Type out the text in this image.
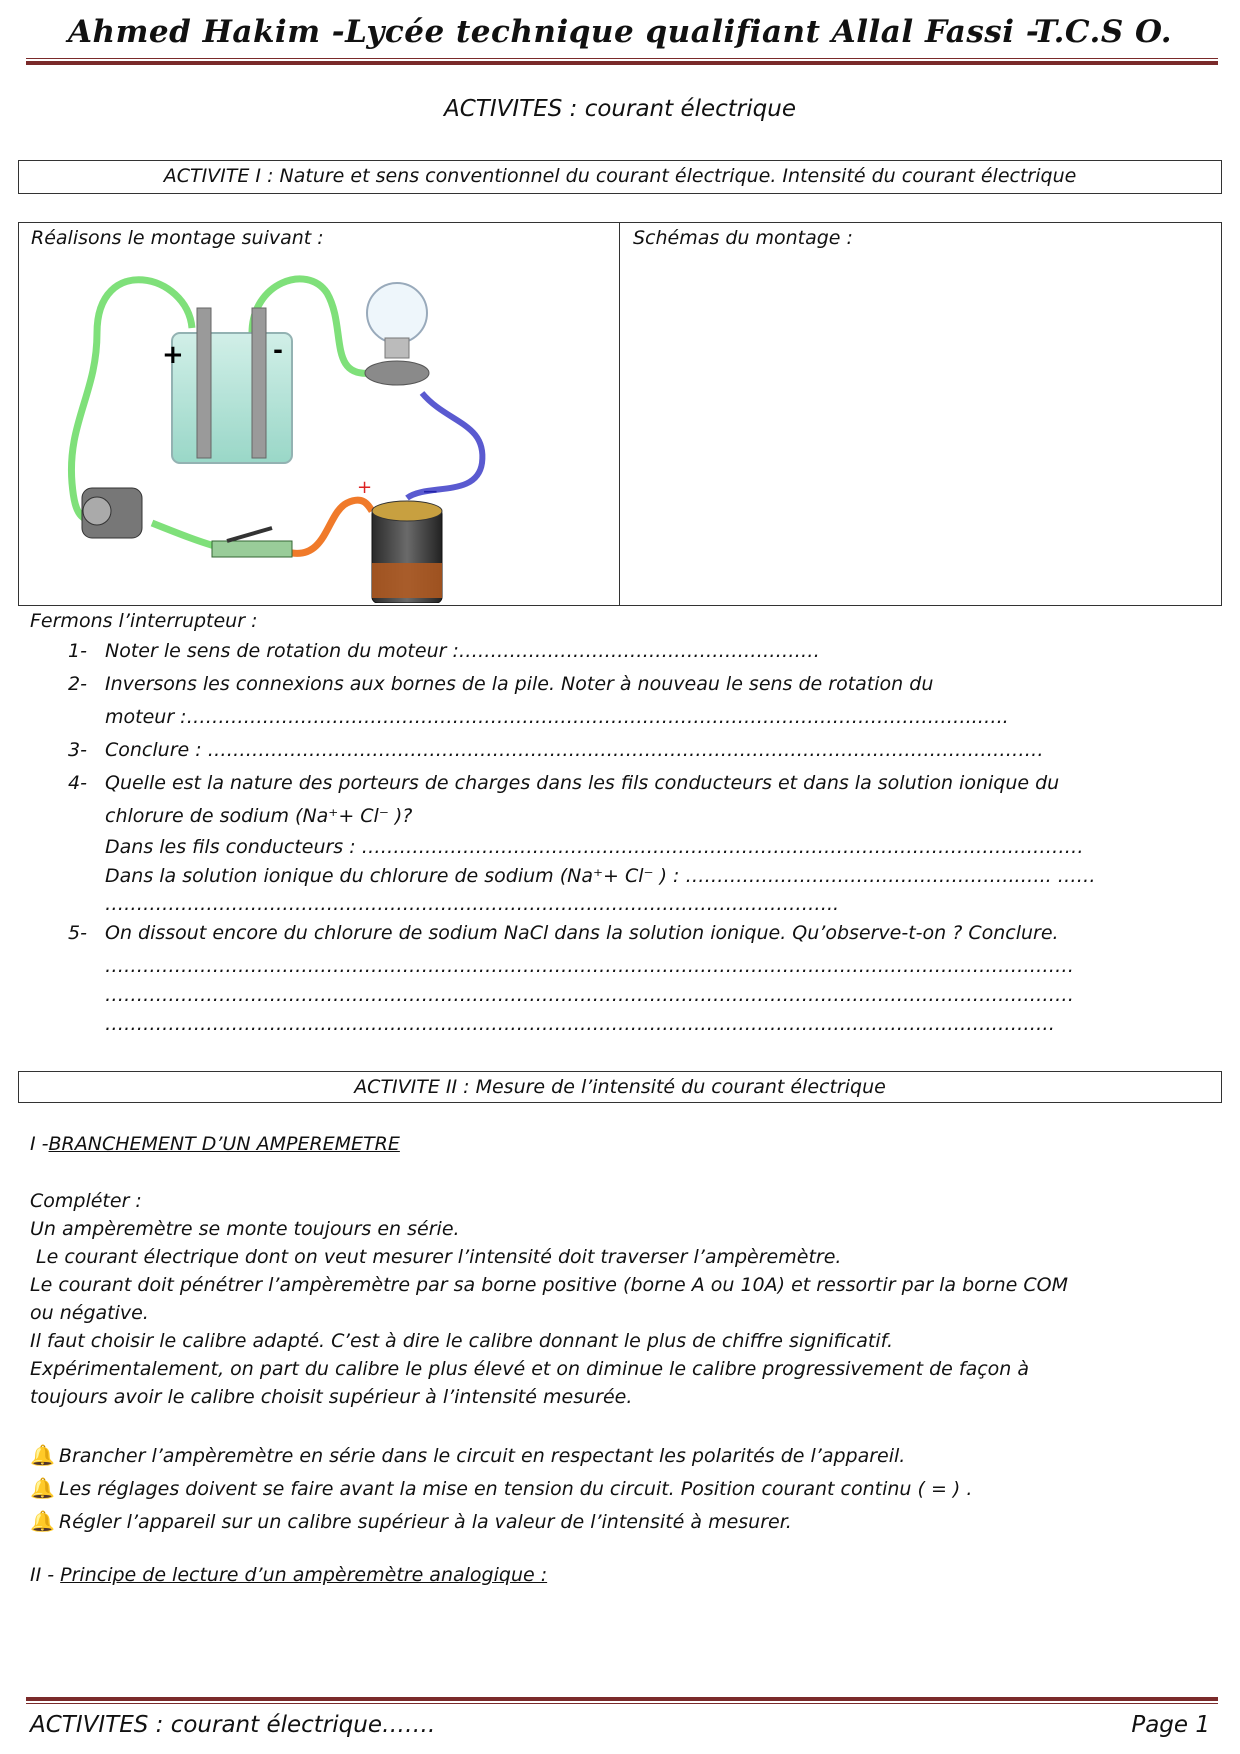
Ahmed Hakim -Lycée technique qualifiant Allal Fassi -T.C.S O.
ACTIVITES : courant électrique
ACTIVITE I : Nature et sens conventionnel du courant électrique. Intensité du courant électrique
Réalisons le montage suivant :	Schémas du montage :
+	-
+ −
Fermons l’interrupteur :
1- Noter le sens de rotation du moteur :…………………………………………………
2- Inversons les connexions aux bornes de la pile. Noter à nouveau le sens de rotation du
moteur :……………………………………………………………………………………………………………..…..
3- Conclure : ……………………………………………………………………………………………………………………
4- Quelle est la nature des porteurs de charges dans les fils conducteurs et dans la solution ionique du
chlorure de sodium (Na⁺+ Cl⁻ )?
Dans les fils conducteurs : ……………………………………………………………………………………………………
Dans la solution ionique du chlorure de sodium (Na⁺+ Cl⁻ ) : ……………………………………………..….. ……
……………………………………………………………………………………………………..
5- On dissout encore du chlorure de sodium NaCl dans la solution ionique. Qu’observe-t-on ? Conclure.
………………………………………………………………………………………………………………………………………
………………………………………………………………………………………………………………………………………
……………………………………………………………………………………………………………………………………
ACTIVITE II : Mesure de l’intensité du courant électrique
I -BRANCHEMENT D’UN AMPEREMETRE
Compléter :
Un ampèremètre se monte toujours en série.
Le courant électrique dont on veut mesurer l’intensité doit traverser l’ampèremètre.
Le courant doit pénétrer l’ampèremètre par sa borne positive (borne A ou 10A) et ressortir par la borne COM
ou négative.
Il faut choisir le calibre adapté. C’est à dire le calibre donnant le plus de chiffre significatif.
Expérimentalement, on part du calibre le plus élevé et on diminue le calibre progressivement de façon à
toujours avoir le calibre choisit supérieur à l’intensité mesurée.
🔔 Brancher l’ampèremètre en série dans le circuit en respectant les polarités de l’appareil.
🔔 Les réglages doivent se faire avant la mise en tension du circuit. Position courant continu ( = ) .
🔔 Régler l’appareil sur un calibre supérieur à la valeur de l’intensité à mesurer.
II - Principe de lecture d’un ampèremètre analogique :
ACTIVITES : courant électrique…….	Page 1
